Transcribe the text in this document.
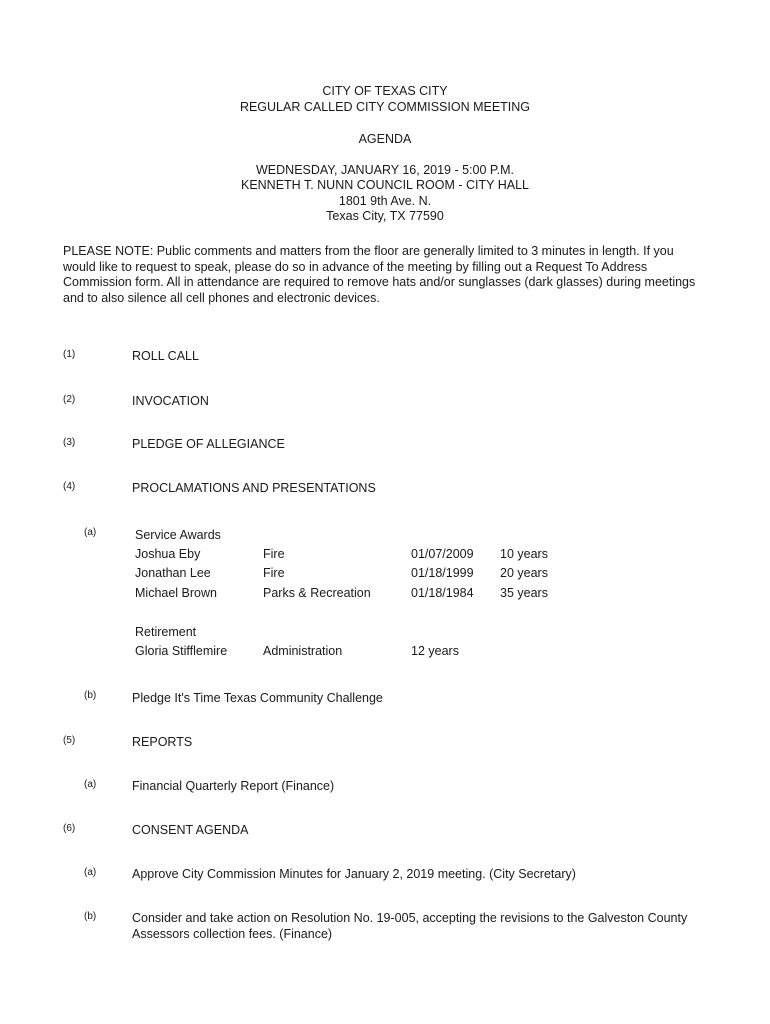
CITY OF TEXAS CITY
REGULAR CALLED CITY COMMISSION MEETING
AGENDA
WEDNESDAY, JANUARY 16, 2019 - 5:00 P.M.
KENNETH T. NUNN COUNCIL ROOM - CITY HALL
1801 9th Ave. N.
Texas City, TX 77590
PLEASE NOTE: Public comments and matters from the floor are generally limited to 3 minutes in length. If you
would like to request to speak, please do so in advance of the meeting by filling out a Request To Address
Commission form. All in attendance are required to remove hats and/or sunglasses (dark glasses) during meetings
and to also silence all cell phones and electronic devices.
(1)	ROLL CALL
(2)	INVOCATION
(3)	PLEDGE OF ALLEGIANCE
(4)	PROCLAMATIONS AND PRESENTATIONS
(a)	Service Awards
Joshua Eby	Fire	01/07/2009 10 years
Jonathan Lee	Fire	01/18/1999 20 years
Michael Brown	Parks & Recreation	01/18/1984 35 years
Retirement
Gloria Stifflemire	Administration	12 years
(b)	Pledge It's Time Texas Community Challenge
(5)	REPORTS
(a)	Financial Quarterly Report (Finance)
(6)	CONSENT AGENDA
(a)	Approve City Commission Minutes for January 2, 2019 meeting. (City Secretary)
(b)	Consider and take action on Resolution No. 19-005, accepting the revisions to the Galveston County
Assessors collection fees. (Finance)
